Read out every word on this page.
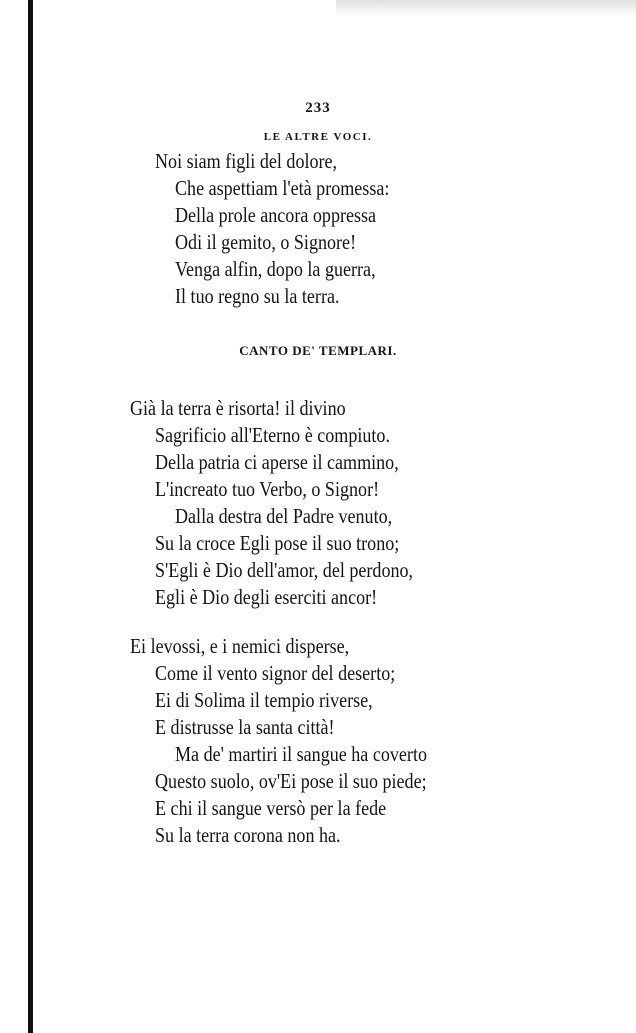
233
LE ALTRE VOCI.
Noi siam figli del dolore,
Che aspettiam l'età promessa:
Della prole ancora oppressa
Odi il gemito, o Signore!
Venga alfin, dopo la guerra,
Il tuo regno su la terra.
CANTO DE' TEMPLARI.
Già la terra è risorta! il divino
Sagrificio all'Eterno è compiuto.
Della patria ci aperse il cammino,
L'increato tuo Verbo, o Signor!
Dalla destra del Padre venuto,
Su la croce Egli pose il suo trono;
S'Egli è Dio dell'amor, del perdono,
Egli è Dio degli eserciti ancor!
Ei levossi, e i nemici disperse,
Come il vento signor del deserto;
Ei di Solima il tempio riverse,
E distrusse la santa città!
Ma de' martiri il sangue ha coverto
Questo suolo, ov'Ei pose il suo piede;
E chi il sangue versò per la fede
Su la terra corona non ha.
